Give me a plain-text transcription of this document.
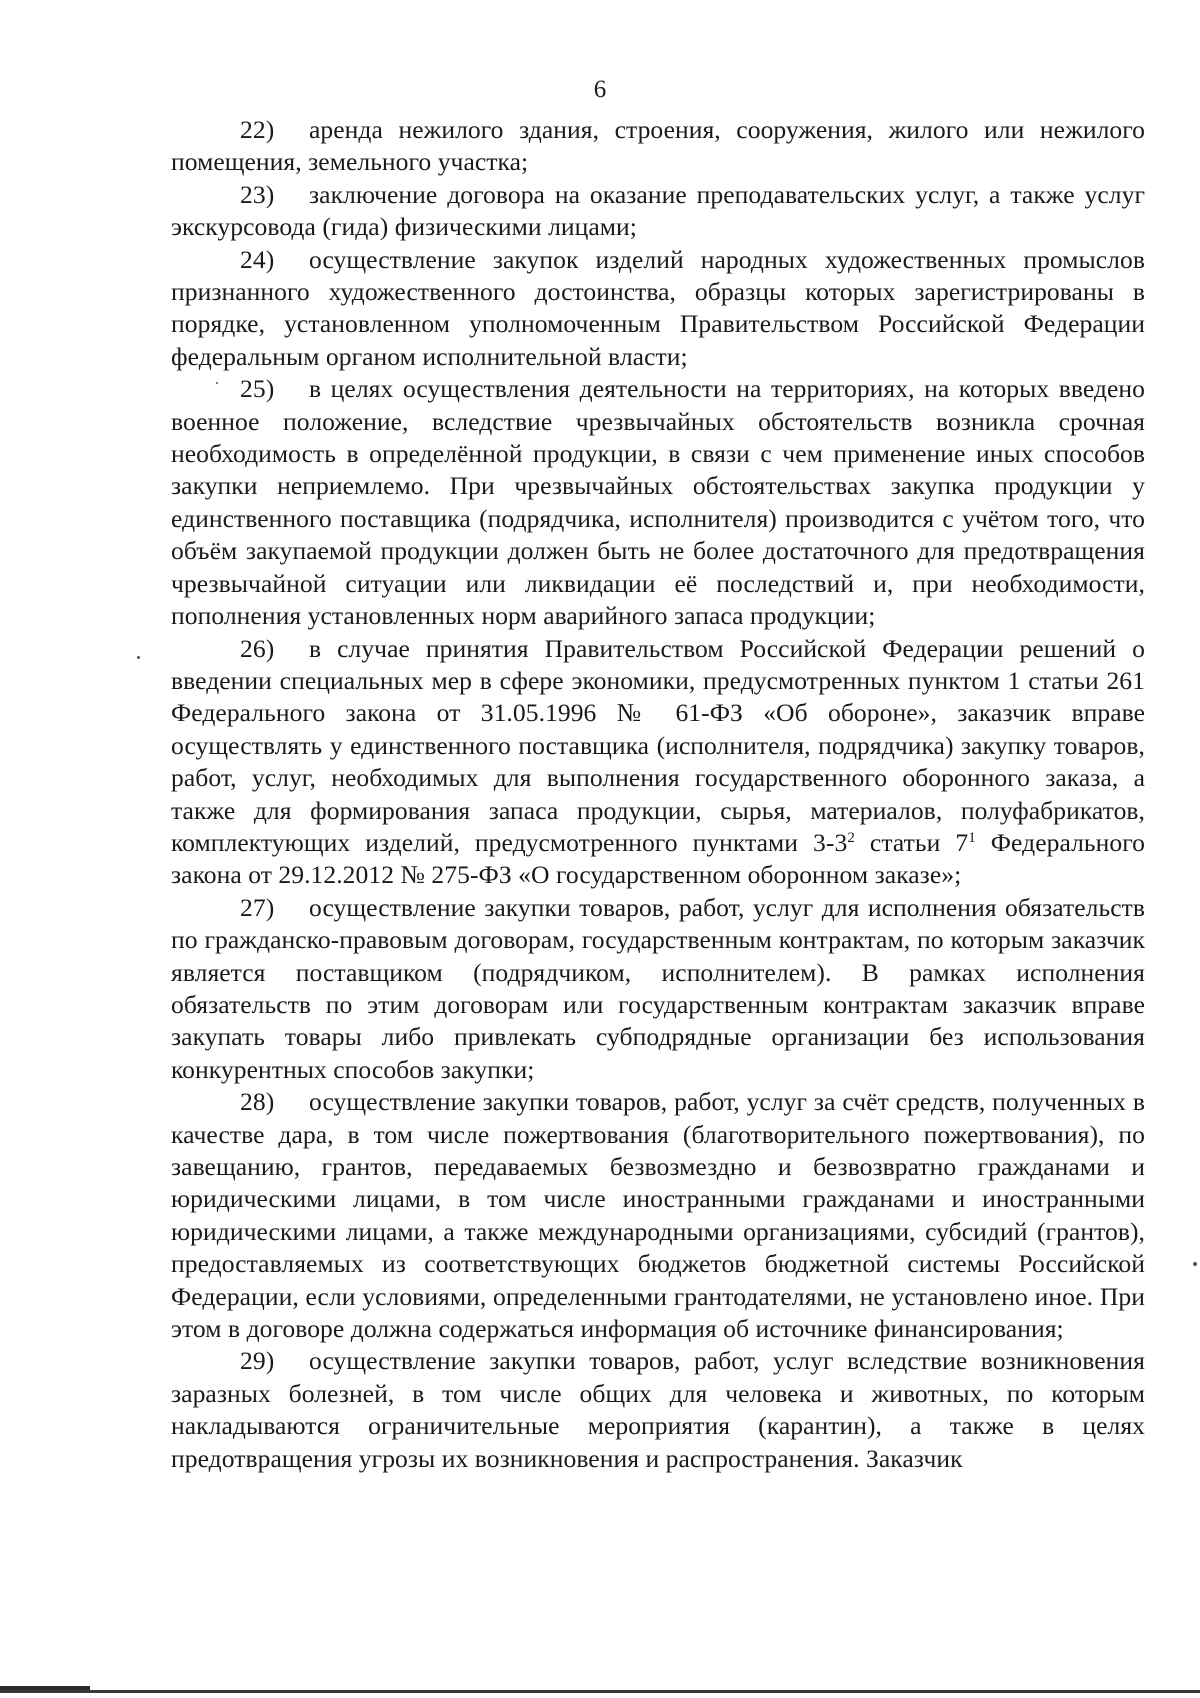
6

22) аренда нежилого здания, строения, сооружения, жилого или нежилого помещения, земельного участка;

23) заключение договора на оказание преподавательских услуг, а также услуг экскурсовода (гида) физическими лицами;

24) осуществление закупок изделий народных художественных промыслов признанного художественного достоинства, образцы которых зарегистрированы в порядке, установленном уполномоченным Правительством Российской Федерации федеральным органом исполнительной власти;

25) в целях осуществления деятельности на территориях, на которых введено военное положение, вследствие чрезвычайных обстоятельств возникла срочная необходимость в определённой продукции, в связи с чем применение иных способов закупки неприемлемо. При чрезвычайных обстоятельствах закупка продукции у единственного поставщика (подрядчика, исполнителя) производится с учётом того, что объём закупаемой продукции должен быть не более достаточного для предотвращения чрезвычайной ситуации или ликвидации её последствий и, при необходимости, пополнения установленных норм аварийного запаса продукции;

26) в случае принятия Правительством Российской Федерации решений о введении специальных мер в сфере экономики, предусмотренных пунктом 1 статьи 261 Федерального закона от 31.05.1996 № 61-ФЗ «Об обороне», заказчик вправе осуществлять у единственного поставщика (исполнителя, подрядчика) закупку товаров, работ, услуг, необходимых для выполнения государственного оборонного заказа, а также для формирования запаса продукции, сырья, материалов, полуфабрикатов, комплектующих изделий, предусмотренного пунктами $3-3^2$ статьи $7^1$ Федерального закона от 29.12.2012 № 275-ФЗ «О государственном оборонном заказе»;

27) осуществление закупки товаров, работ, услуг для исполнения обязательств по гражданско-правовым договорам, государственным контрактам, по которым заказчик является поставщиком (подрядчиком, исполнителем). В рамках исполнения обязательств по этим договорам или государственным контрактам заказчик вправе закупать товары либо привлекать субподрядные организации без использования конкурентных способов закупки;

28) осуществление закупки товаров, работ, услуг за счёт средств, полученных в качестве дара, в том числе пожертвования (благотворительного пожертвования), по завещанию, грантов, передаваемых безвозмездно и безвозвратно гражданами и юридическими лицами, в том числе иностранными гражданами и иностранными юридическими лицами, а также международными организациями, субсидий (грантов), предоставляемых из соответствующих бюджетов бюджетной системы Российской Федерации, если условиями, определенными грантодателями, не установлено иное. При этом в договоре должна содержаться информация об источнике финансирования;

29) осуществление закупки товаров, работ, услуг вследствие возникновения заразных болезней, в том числе общих для человека и животных, по которым накладываются ограничительные мероприятия (карантин), а также в целях предотвращения угрозы их возникновения и распространения. Заказчик
